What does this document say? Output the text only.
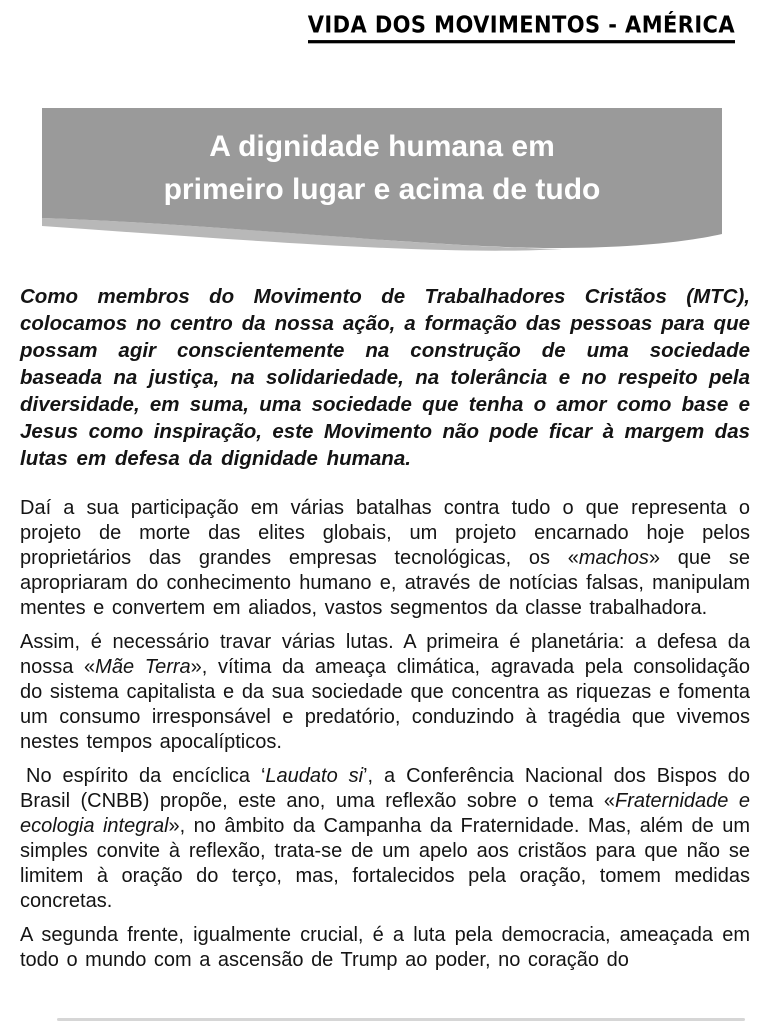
VIDA DOS MOVIMENTOS - AMÉRICA
A dignidade humana em
primeiro lugar e acima de tudo

Como membros do Movimento de Trabalhadores Cristãos (MTC), colocamos no centro da nossa ação, a formação das pessoas para que possam agir conscientemente na construção de uma sociedade baseada na justiça, na solidariedade, na tolerância e no respeito pela diversidade, em suma, uma sociedade que tenha o amor como base e Jesus como inspiração, este Movimento não pode ficar à margem das lutas em defesa da dignidade humana.

Daí a sua participação em várias batalhas contra tudo o que representa o projeto de morte das elites globais, um projeto encarnado hoje pelos proprietários das grandes empresas tecnológicas, os «machos» que se apropriaram do conhecimento humano e, através de notícias falsas, manipulam mentes e convertem em aliados, vastos segmentos da classe trabalhadora.

Assim, é necessário travar várias lutas. A primeira é planetária: a defesa da nossa «Mãe Terra», vítima da ameaça climática, agravada pela consolidação do sistema capitalista e da sua sociedade que concentra as riquezas e fomenta um consumo irresponsável e predatório, conduzindo à tragédia que vivemos nestes tempos apocalípticos.

No espírito da encíclica ‘Laudato si’, a Conferência Nacional dos Bispos do Brasil (CNBB) propõe, este ano, uma reflexão sobre o tema «Fraternidade e ecologia integral», no âmbito da Campanha da Fraternidade. Mas, além de um simples convite à reflexão, trata-se de um apelo aos cristãos para que não se limitem à oração do terço, mas, fortalecidos pela oração, tomem medidas concretas.

A segunda frente, igualmente crucial, é a luta pela democracia, ameaçada em todo o mundo com a ascensão de Trump ao poder, no coração do
